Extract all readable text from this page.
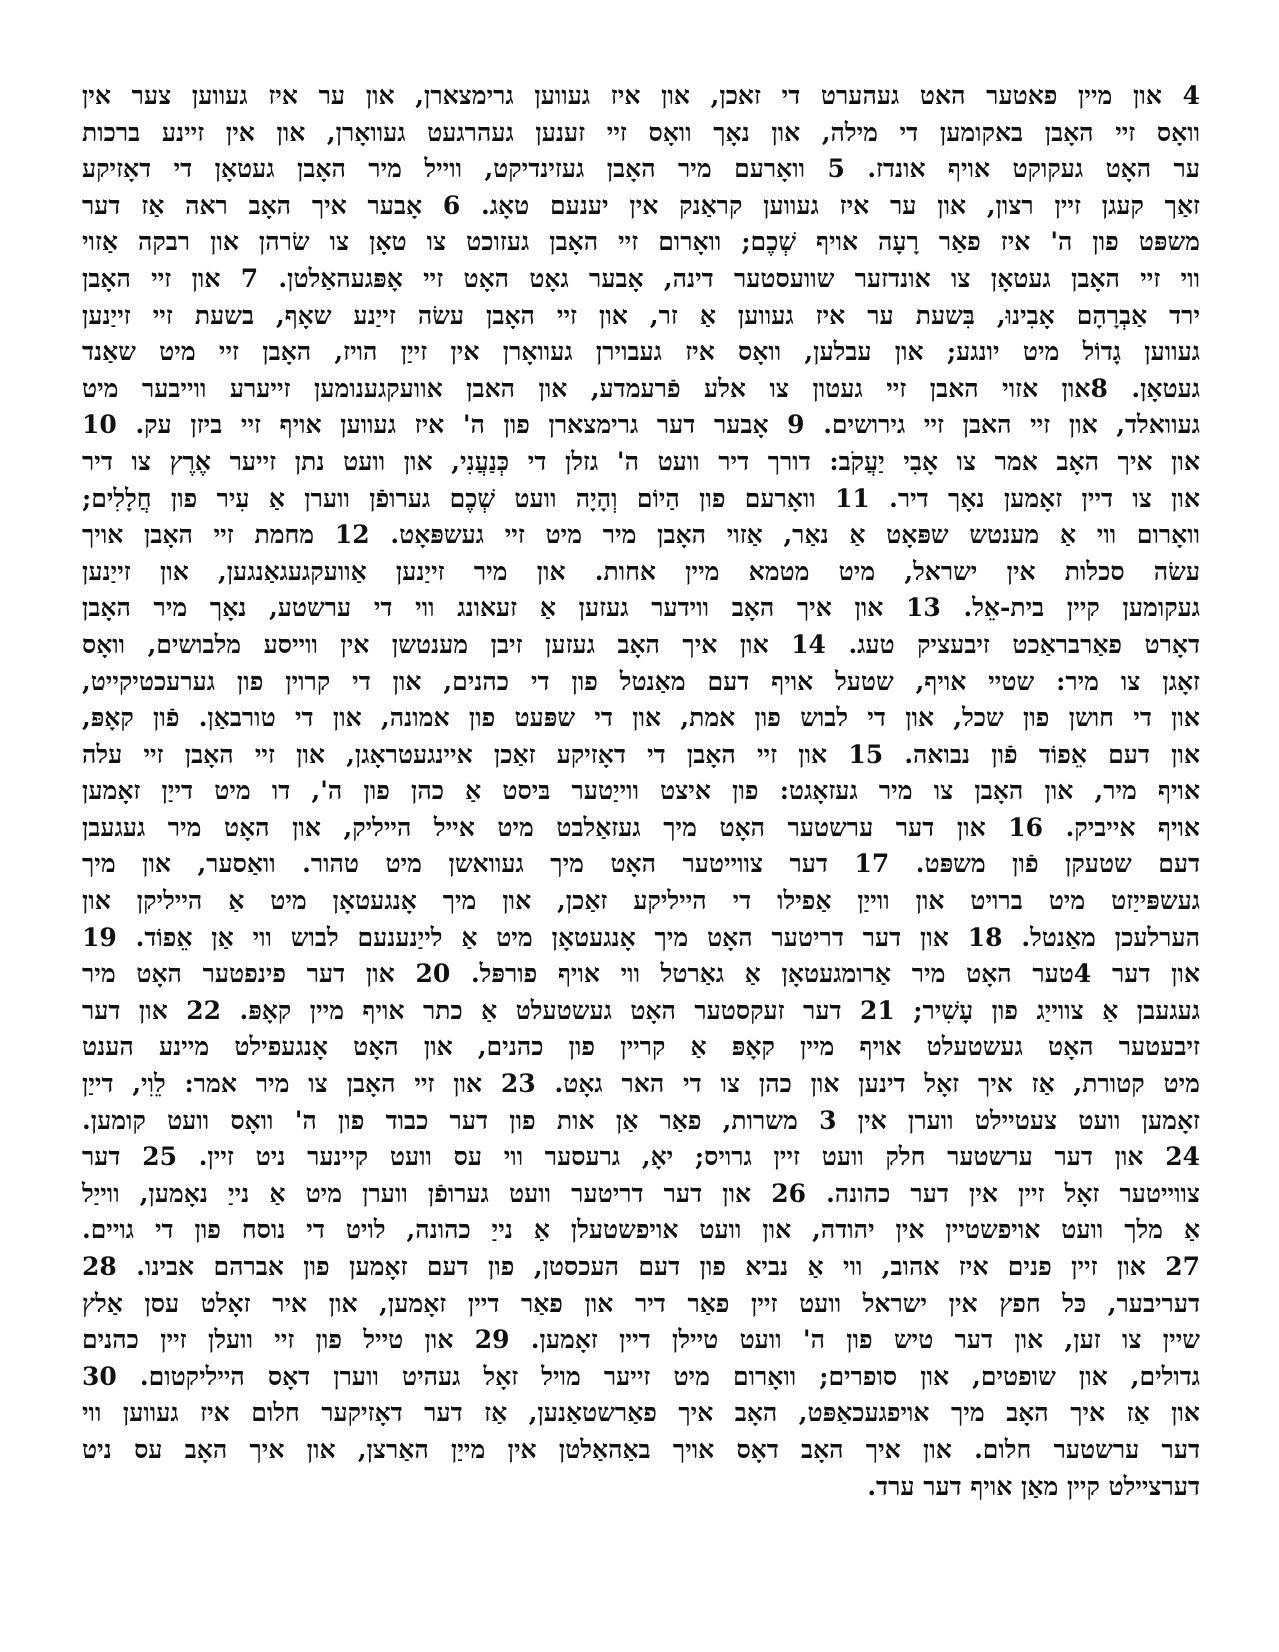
4 און מיין פאטער האט געהערט די זאכן, און איז געווען גרימצארן, און ער איז געווען צער אין
וואָס זיי האָבן באקומען די מילה, און נאָך וואָס זיי זענען געהרגעט געוואָרן, און אין זיינע ברכות
ער האָט געקוקט אויף אונדז. 5 וואָרעם מיר האָבן געזינדיקט, ווייל מיר האָבן געטאָן די דאָזיקע
זאַך קעגן זיין רצון, און ער איז געווען קראַנק אין יענעם טאָג. 6 אָבער איך האָב ראה אַז דער
משפּט פון ה' איז פאַר רָעָה אויף שְׁכֶם; וואָרום זיי האָבן געזוכט צו טאָן צו שׂרהן און רבקה אַזוי
ווי זיי האָבן געטאָן צו אונדזער שוועסטער דינה, אָבער גאָט האָט זיי אָפּגעהאַלטן. 7 און זיי האָבן
ירד אַבְרָהָם אָבִינוּ, בִּשעת ער איז געווען אַ זר, און זיי האָבן עשׂה זייַנע שאָף, בשעת זיי זייַנען
געווען גָדוֹל מיט יונגע; און עבלען, וואָס איז געבוירן געוואָרן אין זייַן הויז, האָבן זיי מיט שאַנד
געטאָן. 8און אזוי האבן זיי געטון צו אלע פֿרעמדע, און האבן אוועקגענומען זייערע ווייבער מיט
געוואלד, און זיי האבן זיי גירושים. 9 אָבער דער גרימצארן פון ה' איז געווען אויף זיי ביזן עק. 10
און איך האָב אמר צו אָבִי יַעֲקֹב: דורך דיר וועט ה' גזלן די כְּנַעֲנִי, און וועט נתן זייער אֶרֶץ צו דיר
און צו דיין זאָמען נאָך דיר. 11 וואָרעם פון הַיוֹם וְהָיָה וועט שְׁכֶם גערופֿן ווערן אַ עִיר פון חֲלָלִים;
וואָרום ווי אַ מענטש שפּאָט אַ נאַר, אַזוי האָבן מיר מיט זיי געשפּאָט. 12 מחמת זיי האָבן אויך
עשׂה סכלות אין ישראל, מיט מטמא מיין אחות. און מיר זייַנען אַוועקגעגאַנגען, און זייַנען
געקומען קיין בית-אֵל. 13 און איך האָב ווידער געזען אַ זעאונג ווי די ערשטע, נאָך מיר האָבן
דאָרט פאַרבראַכט זיבעציק טעג. 14 און איך האָב געזען זיבן מענטשן אין ווייסע מלבושים, וואָס
זאָגן צו מיר: שטיי אויף, שטעל אויף דעם מאַנטל פון די כהנים, און די קרוין פון גערעכטיקייט,
און די חושן פון שכל, און די לבוש פון אמת, און די שפּעט פון אמונה, און די טורבאַן. פֿון קאָפּ,
און דעם אֵפוֹד פֿון נבואה. 15 און זיי האָבן די דאָזיקע זאַכן איינגעטראָגן, און זיי האָבן זיי עלה
אויף מיר, און האָבן צו מיר געזאָגט: פון איצט ווייַטער בּיסט אַ כהן פון ה', דו מיט דייַן זאָמען
אויף אייביק. 16 און דער ערשטער האָט מיך געזאַלבט מיט אייל הייליק, און האָט מיר געגעבן
דעם שטעקן פֿון משפּט. 17 דער צווייטער האָט מיך געוואשן מיט טהור. וואַסער, און מיך
געשפּייַזט מיט ברויט און ווייַן אַפילו די הייליקע זאַכן, און מיך אָנגעטאָן מיט אַ הייליקן און
הערלעכן מאַנטל. 18 און דער דריטער האָט מיך אָנגעטאָן מיט אַ לייַנענעם לבוש ווי אַן אֵפוֹד. 19
און דער 4טער האָט מיר אַרומגעטאָן אַ גאַרטל ווי אויף פורפּל. 20 און דער פינפטער האָט מיר
געגעבן אַ צווייַג פון עָשִׁיר; 21 דער זעקסטער האָט געשטעלט אַ כתר אויף מיין קאָפּ. 22 און דער
זיבעטער האָט געשטעלט אויף מיין קאָפּ אַ קריין פון כהנים, און האָט אָנגעפילט מיינע הענט
מיט קטורת, אַז איך זאָל דינען און כהן צו די האר גאָט. 23 און זיי האָבן צו מיר אמר: לֵוִי, דייַן
זאָמען וועט צעטיילט ווערן אין 3 משרות, פאַר אַן אות פון דער כבוד פון ה' וואָס וועט קומען.
24 און דער ערשטער חלק וועט זיין גרויס; יאָ, גרעסער ווי עס וועט קיינער ניט זיין. 25 דער
צווייטער זאָל זיין אין דער כהונה. 26 און דער דריטער וועט גערופֿן ווערן מיט אַ נייַ נאָמען, ווייַל
אַ מלך וועט אויפשטיין אין יהודה, און וועט אויפשטעלן אַ נייַ כהונה, לויט די נוסח פון די גויים.
27 און זיין פנים איז אהוב, ווי אַ נביא פון דעם העכסטן, פון דעם זאָמען פון אברהם אבינו. 28
דעריבער, כּל חפץ אין ישראל וועט זיין פאַר דיר און פאַר דיין זאָמען, און איר זאָלט עסן אַלץ
שיין צו זען, און דער טיש פון ה' וועט טיילן דיין זאָמען. 29 און טייל פון זיי וועלן זיין כהנים
גדולים, און שופטים, און סופרים; וואָרום מיט זייער מויל זאָל געהיט ווערן דאָס הייליקטום. 30
און אַז איך האָב מיך אויפגעכאַפּט, האָב איך פאַרשטאַנען, אַז דער דאָזיקער חלום איז געווען ווי
דער ערשטער חלום. און איך האָב דאָס אויך באַהאַלטן אין מייַן האַרצן, און איך האָב עס ניט
דערציילט קיין מאַן אויף דער ערד.
